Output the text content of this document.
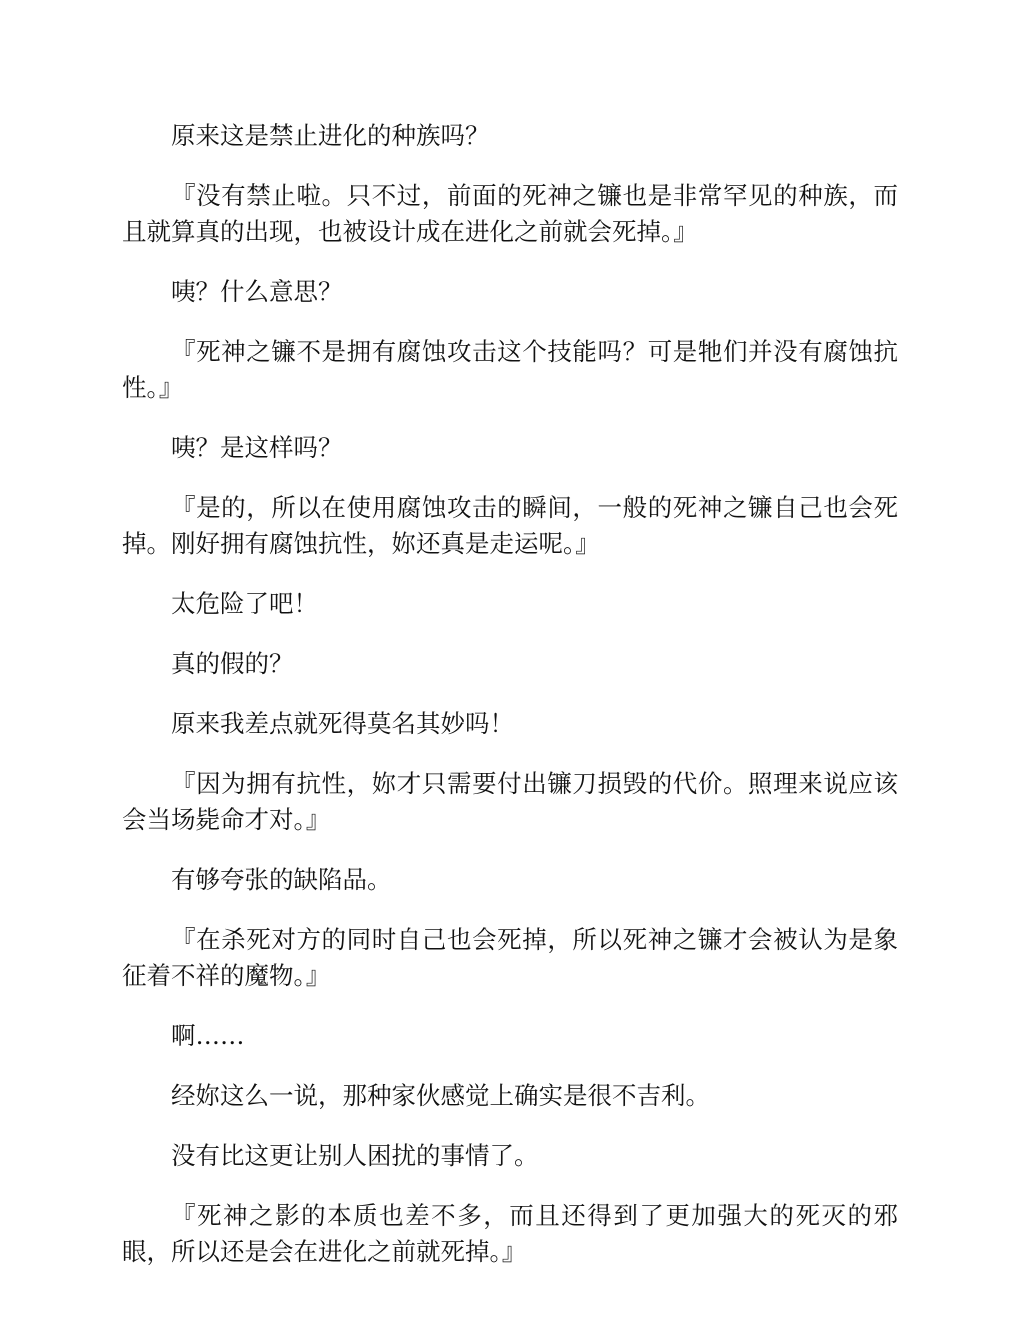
原来这是禁止进化的种族吗？

『没有禁止啦。只不过，前面的死神之镰也是非常罕见的种族，而且就算真的出现，也被设计成在进化之前就会死掉。』

咦？什么意思？

『死神之镰不是拥有腐蚀攻击这个技能吗？可是牠们并没有腐蚀抗性。』

咦？是这样吗？

『是的，所以在使用腐蚀攻击的瞬间，一般的死神之镰自己也会死掉。刚好拥有腐蚀抗性，妳还真是走运呢。』

太危险了吧！

真的假的？

原来我差点就死得莫名其妙吗！

『因为拥有抗性，妳才只需要付出镰刀损毁的代价。照理来说应该会当场毙命才对。』

有够夸张的缺陷品。

『在杀死对方的同时自己也会死掉，所以死神之镰才会被认为是象征着不祥的魔物。』

啊……

经妳这么一说，那种家伙感觉上确实是很不吉利。

没有比这更让别人困扰的事情了。

『死神之影的本质也差不多，而且还得到了更加强大的死灭的邪眼，所以还是会在进化之前就死掉。』
